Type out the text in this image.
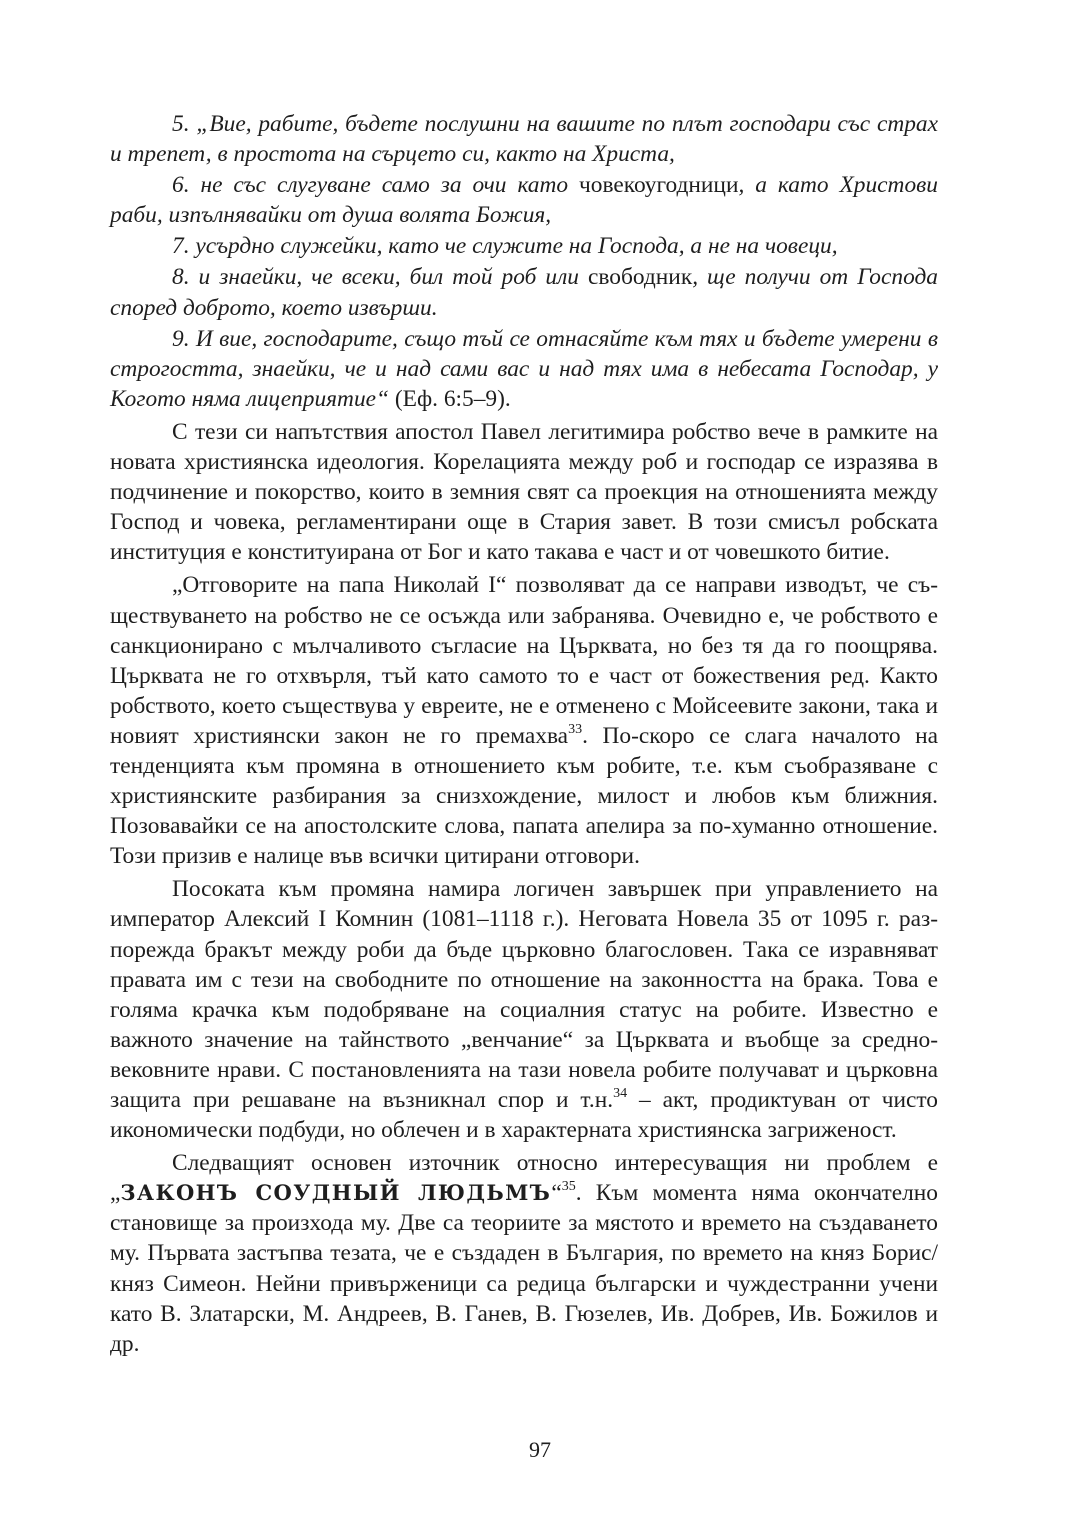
5. „Вие, рабите, бъдете послушни на вашите по плът господари със страх и трепет, в простота на сърцето си, както на Христа,

6. не със слугуване само за очи като човекоугодници, а като Христови раби, изпълнявайки от душа волята Божия,

7. усърдно служейки, като че служите на Господа, а не на човеци,

8. и знаейки, че всеки, бил той роб или свободник, ще получи от Господа според доброто, което извърши.

9. И вие, господарите, също тъй се отнасяйте към тях и бъдете умерени в строгостта, знаейки, че и над сами вас и над тях има в небесата Господар, у Когото няма лицеприятие“ (Еф. 6:5–9).

С тези си напътствия апостол Павел легитимира робство вече в рамките на новата християнска идеология. Корелацията между роб и господар се изразява в подчинение и покорство, които в земния свят са проекция на отношенията между Господ и човека, регламентирани още в Стария завет. В този смисъл робската институция е конституирана от Бог и като такава е част и от човешкото битие.

„Отговорите на папа Николай І“ позволяват да се направи изводът, че съществуването на робство не се осъжда или забранява. Очевидно е, че робството е санкционирано с мълчаливото съгласие на Църквата, но без тя да го поощрява. Църквата не го отхвърля, тъй като самото то е част от божествения ред. Както робството, което съществува у евреите, не е отменено с Мойсеевите закони, така и новият християнски закон не го премахва$^{33}$. По-скоро се слага началото на тенденцията към промяна в отношението към робите, т.е. към съобразяване с християнските разбирания за снизхождение, милост и любов към ближния. Позовавайки се на апостолските слова, папата апелира за по-хуманно отношение. Този призив е налице във всички цитирани отговори.

Посоката към промяна намира логичен завършек при управлението на император Алексий І Комнин (1081–1118 г.). Неговата Новела 35 от 1095 г. разпорежда бракът между роби да бъде църковно благословен. Така се изравняват правата им с тези на свободните по отношение на законността на брака. Това е голяма крачка към подобряване на социалния статус на робите. Известно е важното значение на тайнството „венчание“ за Църквата и въобще за средновековните нрави. С постановленията на тази новела робите получават и църковна защита при решаване на възникнал спор и т.н.$^{34}$ – акт, продиктуван от чисто икономически подбуди, но облечен и в характерната християнска загриженост.

Следващият основен източник относно интересуващия ни проблем е „ЗАКОНЪ СОУДНЫЙ ЛЮДЬМЪ“$^{35}$. Към момента няма окончателно становище за произхода му. Две са теориите за мястото и времето на създаването му. Първата застъпва тезата, че е създаден в България, по времето на княз Борис/ княз Симеон. Нейни привърженици са редица български и чуждестранни учени като В. Златарски, М. Андреев, В. Ганев, В. Гюзелев, Ив. Добрев, Ив. Божилов и др.

97
